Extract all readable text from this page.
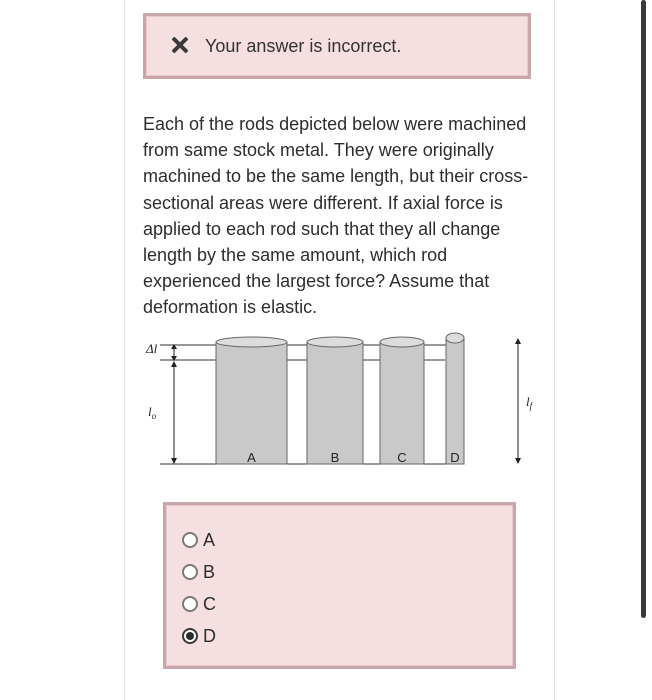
Your answer is incorrect.
Each of the rods depicted below were machined from same stock metal. They were originally machined to be the same length, but their cross-sectional areas were different. If axial force is applied to each rod such that they all change length by the same amount, which rod experienced the largest force? Assume that deformation is elastic.
Δl
$l_o$
$l_f$
A	B	C	D
A
B
C
D
